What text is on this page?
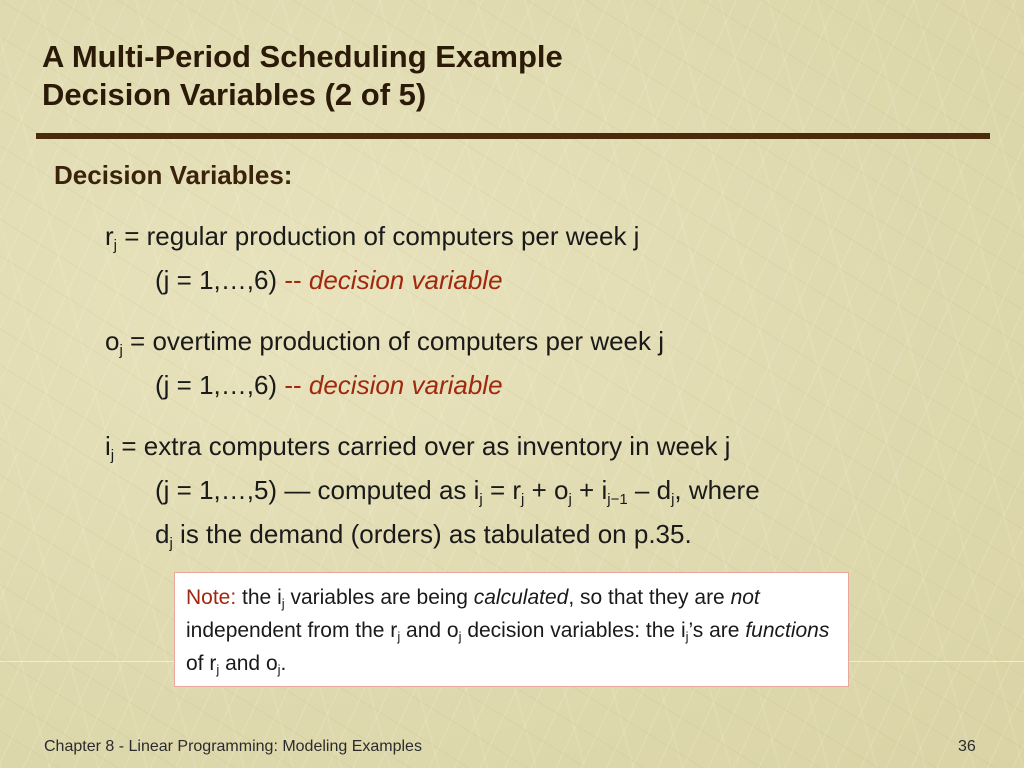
A Multi-Period Scheduling Example
Decision Variables (2 of 5)
Decision Variables:
$r_j$ = regular production of computers per week j
(j = 1,…,6) -- decision variable
$o_j$ = overtime production of computers per week j
(j = 1,…,6) -- decision variable
$i_j$ = extra computers carried over as inventory in week j
(j = 1,…,5) — computed as $i_j = r_j + o_j + i_{j-1} - d_j$, where
$d_j$ is the demand (orders) as tabulated on p.35.
Note: the $i_j$ variables are being calculated, so that they are not independent from the $r_j$ and $o_j$ decision variables: the $i_j’s$ are functions of $r_j$ and $o_j$.
Chapter 8 - Linear Programming: Modeling Examples	36
